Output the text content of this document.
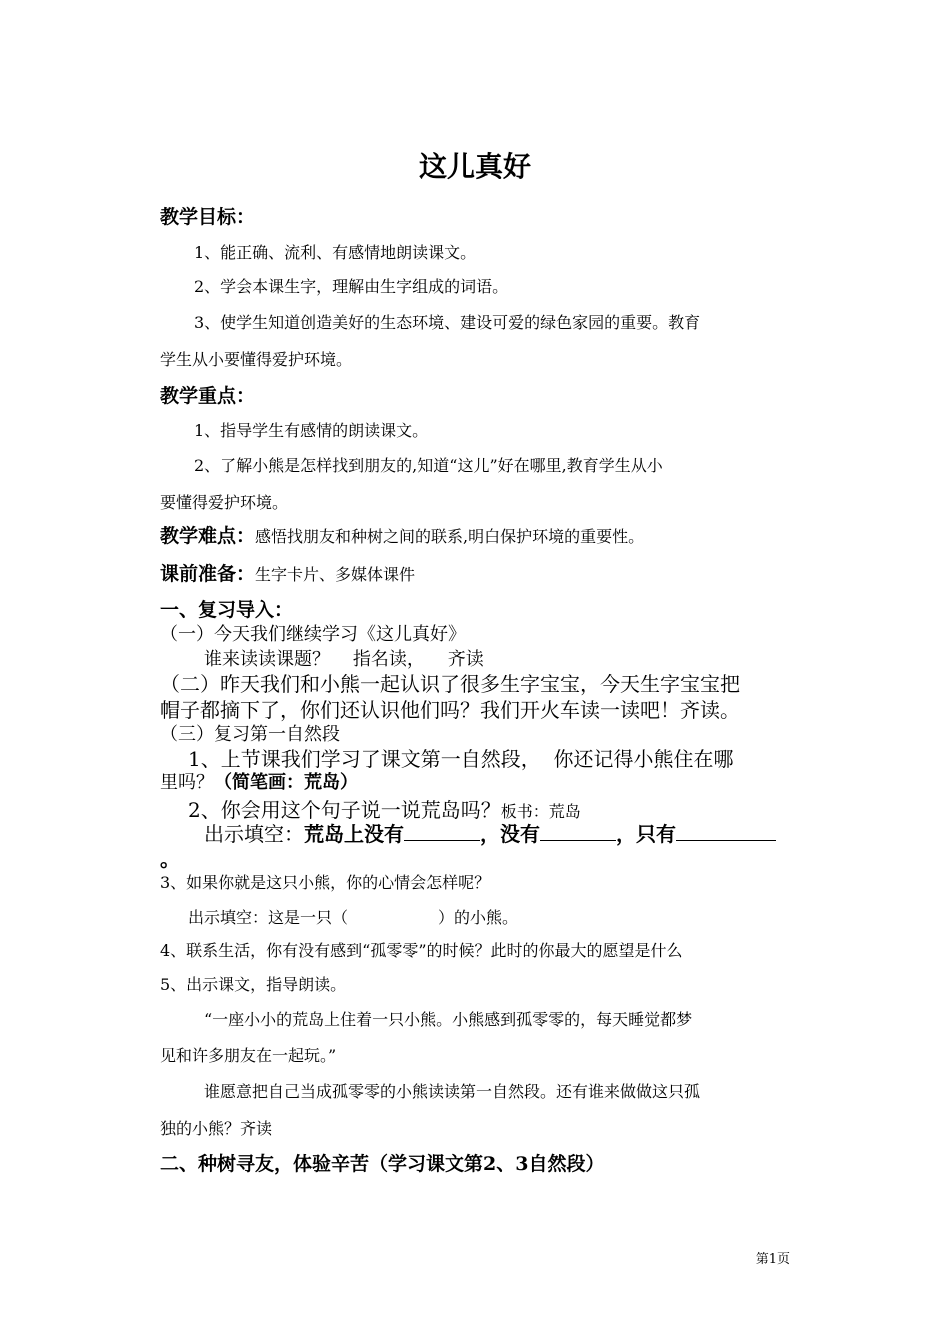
这儿真好
教学目标：
1、能正确、流利、有感情地朗读课文。
2、学会本课生字，理解由生字组成的词语。
3、使学生知道创造美好的生态环境、建设可爱的绿色家园的重要。教育
学生从小要懂得爱护环境。
教学重点：
1、指导学生有感情的朗读课文。
2、了解小熊是怎样找到朋友的,知道“这儿”好在哪里,教育学生从小
要懂得爱护环境。
教学难点：感悟找朋友和种树之间的联系,明白保护环境的重要性。
课前准备：生字卡片、多媒体课件
一、复习导入：
（一）今天我们继续学习《这儿真好》
谁来读读课题？    指名读，    齐读
（二）昨天我们和小熊一起认识了很多生字宝宝，今天生字宝宝把
帽子都摘下了，你们还认识他们吗？我们开火车读一读吧！齐读。
（三）复习第一自然段
1、上节课我们学习了课文第一自然段，  你还记得小熊住在哪
里吗？（简笔画：荒岛）
2、你会用这个句子说一说荒岛吗？板书：荒岛
出示填空：荒岛上没有	，没有	，只有
。
3、如果你就是这只小熊，你的心情会怎样呢？
出示填空：这是一只（	）的小熊。
4、联系生活，你有没有感到“孤零零”的时候？此时的你最大的愿望是什么
5、出示课文，指导朗读。
“一座小小的荒岛上住着一只小熊。小熊感到孤零零的，每天睡觉都梦
见和许多朋友在一起玩。”
谁愿意把自己当成孤零零的小熊读读第一自然段。还有谁来做做这只孤
独的小熊？齐读
二、种树寻友，体验辛苦（学习课文第2、3自然段）
第1页
